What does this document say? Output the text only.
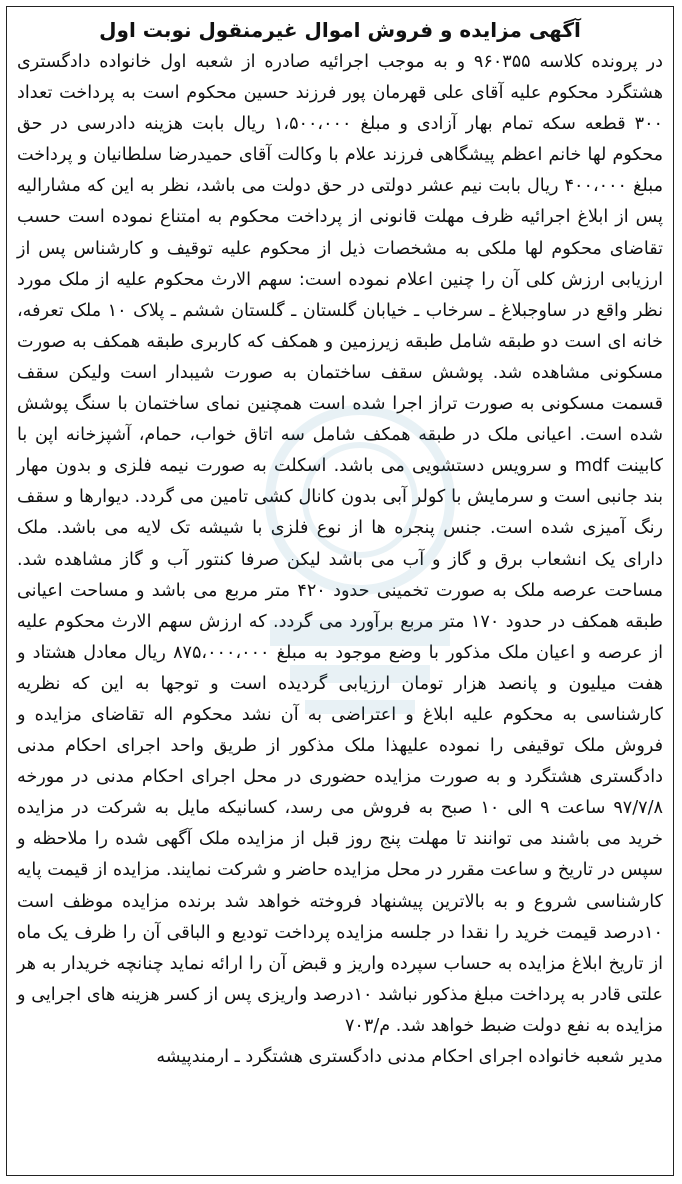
آگهی مزایده و فروش اموال غیرمنقول نوبت اول

در پرونده کلاسه ۹۶۰۳۵۵ و به موجب اجرائیه صادره از شعبه اول خانواده دادگستری هشتگرد محکوم علیه آقای علی قهرمان پور فرزند حسین محکوم است به پرداخت تعداد ۳۰۰ قطعه سکه تمام بهار آزادی و مبلغ ۱،۵۰۰،۰۰۰ ریال بابت هزینه دادرسی در حق محکوم لها خانم اعظم پیشگاهی فرزند علام با وکالت آقای حمیدرضا سلطانیان و پرداخت مبلغ ۴۰۰،۰۰۰ ریال بابت نیم عشر دولتی در حق دولت می باشد، نظر به این که مشارالیه پس از ابلاغ اجرائیه ظرف مهلت قانونی از پرداخت محکوم به امتناع نموده است حسب تقاضای محکوم لها ملکی به مشخصات ذیل از محکوم علیه توقیف و کارشناس پس از ارزیابی ارزش کلی آن را چنین اعلام نموده است: سهم الارث محکوم علیه از ملک مورد نظر واقع در ساوجبلاغ ـ سرخاب ـ خیابان گلستان ـ گلستان ششم ـ پلاک ۱۰ ملک تعرفه، خانه ای است دو طبقه شامل طبقه زیرزمین و همکف که کاربری طبقه همکف به صورت مسکونی مشاهده شد. پوشش سقف ساختمان به صورت شیبدار است ولیکن سقف قسمت مسکونی به صورت تراز اجرا شده است همچنین نمای ساختمان با سنگ پوشش شده است. اعیانی ملک در طبقه همکف شامل سه اتاق خواب، حمام، آشپزخانه اپن با کابینت mdf و سرویس دستشویی می باشد. اسکلت به صورت نیمه فلزی و بدون مهار بند جانبی است و سرمایش با کولر آبی بدون کانال کشی تامین می گردد. دیوارها و سقف رنگ آمیزی شده است. جنس پنجره ها از نوع فلزی با شیشه تک لایه می باشد. ملک دارای یک انشعاب برق و گاز و آب می باشد لیکن صرفا کنتور آب و گاز مشاهده شد. مساحت عرصه ملک به صورت تخمینی حدود ۴۲۰ متر مربع می باشد و مساحت اعیانی طبقه همکف در حدود ۱۷۰ متر مربع برآورد می گردد. که ارزش سهم الارث محکوم علیه از عرصه و اعیان ملک مذکور با وضع موجود به مبلغ ۸۷۵،۰۰۰،۰۰۰ ریال معادل هشتاد و هفت میلیون و پانصد هزار تومان ارزیابی گردیده است و توجها به این که نظریه کارشناسی به محکوم علیه ابلاغ و اعتراضی به آن نشد محکوم اله تقاضای مزایده و فروش ملک توقیفی را نموده علیهذا ملک مذکور از طریق واحد اجرای احکام مدنی دادگستری هشتگرد و به صورت مزایده حضوری در محل اجرای احکام مدنی در مورخه ۹۷/۷/۸ ساعت ۹ الی ۱۰ صبح به فروش می رسد، کسانیکه مایل به شرکت در مزایده خرید می باشند می توانند تا مهلت پنج روز قبل از مزایده ملک آگهی شده را ملاحظه و سپس در تاریخ و ساعت مقرر در محل مزایده حاضر و شرکت نمایند. مزایده از قیمت پایه کارشناسی شروع و به بالاترین پیشنهاد فروخته خواهد شد برنده مزایده موظف است ۱۰درصد قیمت خرید را نقدا در جلسه مزایده پرداخت تودیع و الباقی آن را ظرف یک ماه از تاریخ ابلاغ مزایده به حساب سپرده واریز و قبض آن را ارائه نماید چنانچه خریدار به هر علتی قادر به پرداخت مبلغ مذکور نباشد ۱۰درصد واریزی پس از کسر هزینه های اجرایی و مزایده به نفع دولت ضبط خواهد شد. م/۷۰۳

مدیر شعبه خانواده اجرای احکام مدنی دادگستری هشتگرد ـ ارمندپیشه
